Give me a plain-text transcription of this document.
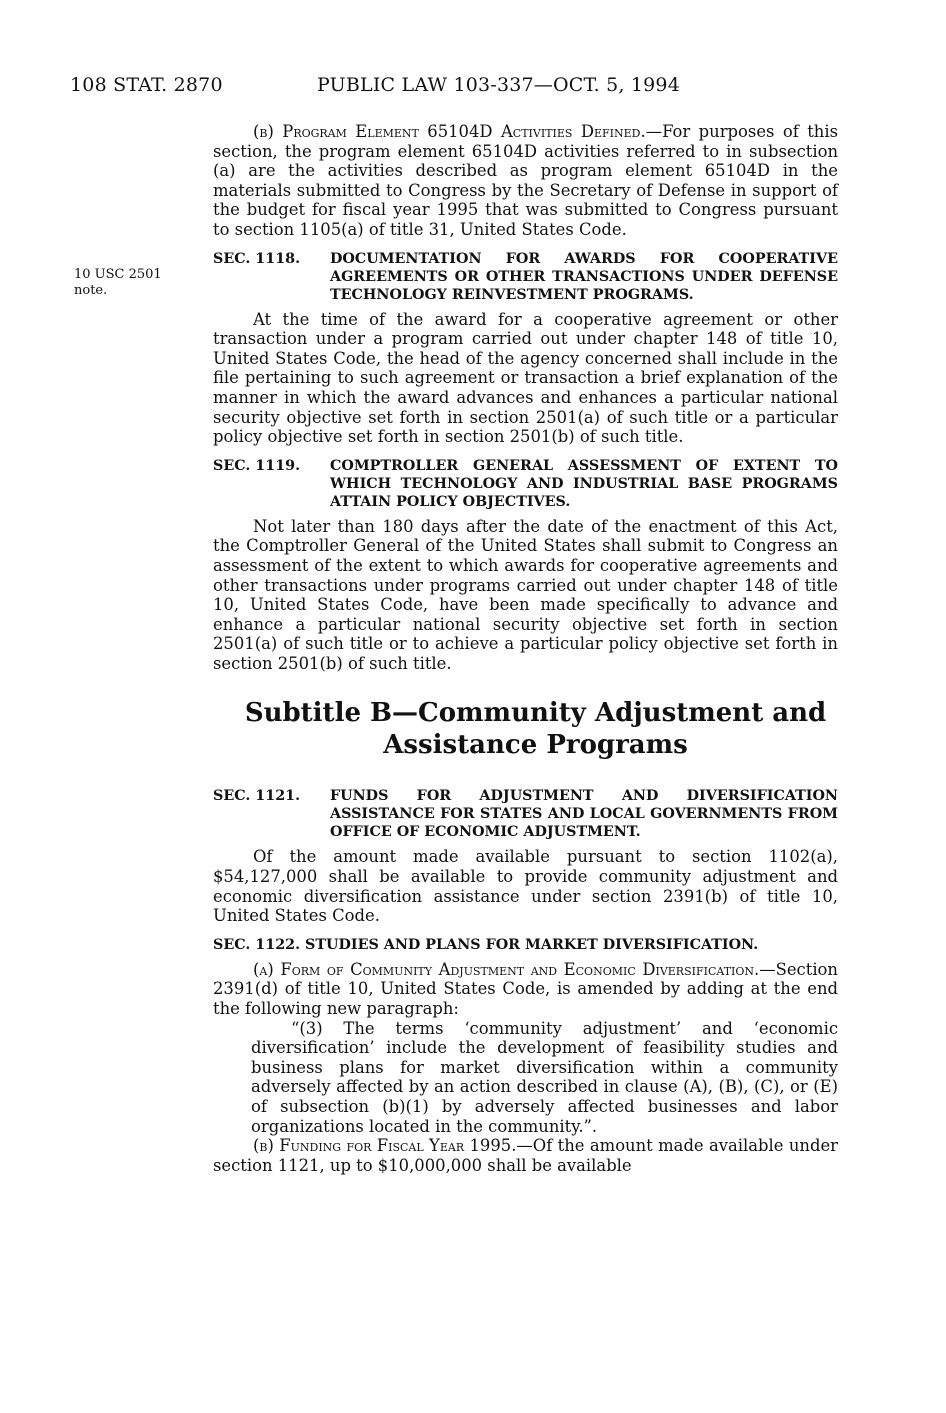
108 STAT. 2870	PUBLIC LAW 103-337—OCT. 5, 1994
10 USC 2501 note.

(b) Program Element 65104D Activities Defined.—For purposes of this section, the program element 65104D activities referred to in subsection (a) are the activities described as program element 65104D in the materials submitted to Congress by the Secretary of Defense in support of the budget for fiscal year 1995 that was submitted to Congress pursuant to section 1105(a) of title 31, United States Code.

SEC. 1118. DOCUMENTATION FOR AWARDS FOR COOPERATIVE AGREEMENTS OR OTHER TRANSACTIONS UNDER DEFENSE TECHNOLOGY REINVESTMENT PROGRAMS.

At the time of the award for a cooperative agreement or other transaction under a program carried out under chapter 148 of title 10, United States Code, the head of the agency concerned shall include in the file pertaining to such agreement or transaction a brief explanation of the manner in which the award advances and enhances a particular national security objective set forth in section 2501(a) of such title or a particular policy objective set forth in section 2501(b) of such title.

SEC. 1119. COMPTROLLER GENERAL ASSESSMENT OF EXTENT TO WHICH TECHNOLOGY AND INDUSTRIAL BASE PROGRAMS ATTAIN POLICY OBJECTIVES.

Not later than 180 days after the date of the enactment of this Act, the Comptroller General of the United States shall submit to Congress an assessment of the extent to which awards for cooperative agreements and other transactions under programs carried out under chapter 148 of title 10, United States Code, have been made specifically to advance and enhance a particular national security objective set forth in section 2501(a) of such title or to achieve a particular policy objective set forth in section 2501(b) of such title.

Subtitle B—Community Adjustment and
Assistance Programs
SEC. 1121. FUNDS FOR ADJUSTMENT AND DIVERSIFICATION ASSISTANCE FOR STATES AND LOCAL GOVERNMENTS FROM OFFICE OF ECONOMIC ADJUSTMENT.

Of the amount made available pursuant to section 1102(a), $54,127,000 shall be available to provide community adjustment and economic diversification assistance under section 2391(b) of title 10, United States Code.

SEC. 1122. STUDIES AND PLANS FOR MARKET DIVERSIFICATION.

(a) Form of Community Adjustment and Economic Diversification.—Section 2391(d) of title 10, United States Code, is amended by adding at the end the following new paragraph:

“(3) The terms ‘community adjustment’ and ‘economic diversification’ include the development of feasibility studies and business plans for market diversification within a community adversely affected by an action described in clause (A), (B), (C), or (E) of subsection (b)(1) by adversely affected businesses and labor organizations located in the community.”.

(b) Funding for Fiscal Year 1995.—Of the amount made available under section 1121, up to $10,000,000 shall be available
